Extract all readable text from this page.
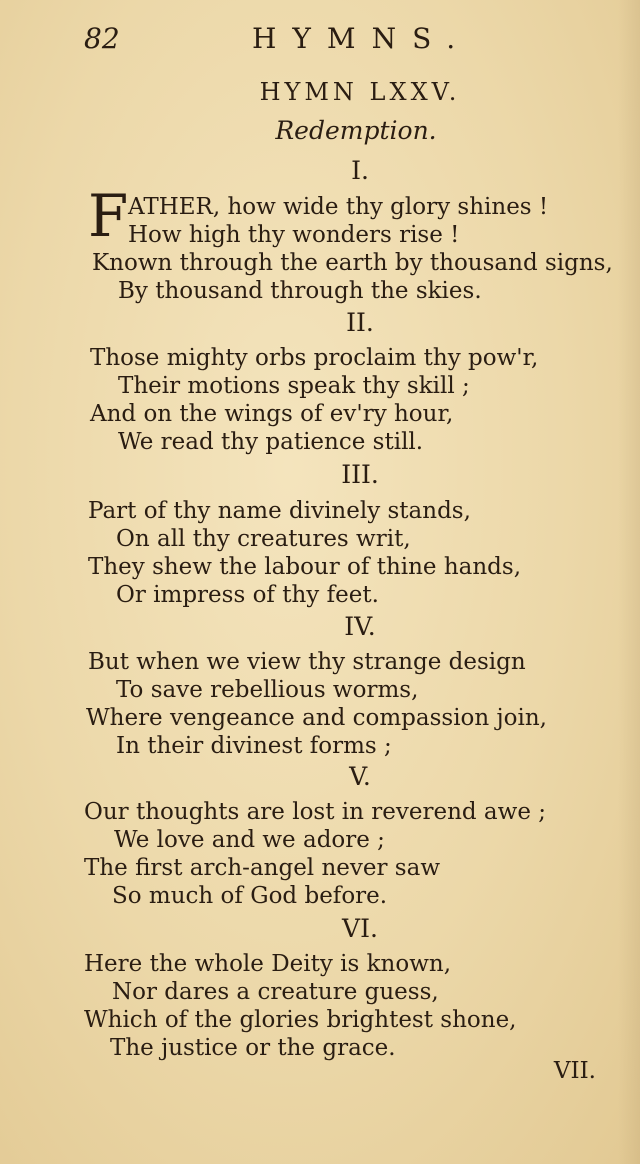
82	HYMNS.
HYMN LXXV.
Redemption.
I.
F ATHER, how wide thy glory shines !
How high thy wonders rise !
Known through the earth by thousand signs,
By thousand through the skies.
II.
Those mighty orbs proclaim thy pow'r,
Their motions speak thy skill ;
And on the wings of ev'ry hour,
We read thy patience still.
III.
Part of thy name divinely stands,
On all thy creatures writ,
They shew the labour of thine hands,
Or impress of thy feet.
IV.
But when we view thy strange design
To save rebellious worms,
Where vengeance and compassion join,
In their divinest forms ;
V.
Our thoughts are lost in reverend awe ;
We love and we adore ;
The first arch-angel never saw
So much of God before.
VI.
Here the whole Deity is known,
Nor dares a creature guess,
Which of the glories brightest shone,
The justice or the grace.
VII.
